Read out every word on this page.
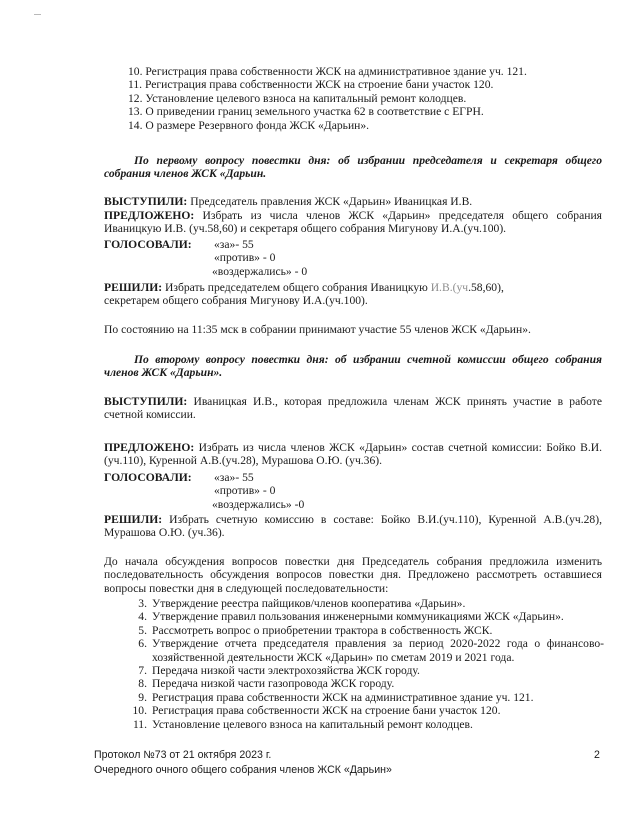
10. Регистрация права собственности ЖСК на административное здание уч. 121.
11. Регистрация права собственности ЖСК на строение бани участок 120.
12. Установление целевого взноса на капитальный ремонт колодцев.
13. О приведении границ земельного участка 62 в соответствие с ЕГРН.
14. О размере Резервного фонда ЖСК «Дарьин».

По первому вопросу повестки дня: об избрании председателя и секретаря общего собрания членов ЖСК «Дарьин.

ВЫСТУПИЛИ: Председатель правления ЖСК «Дарьин» Иваницкая И.В.
ПРЕДЛОЖЕНО: Избрать из числа членов ЖСК «Дарьин» председателя общего собрания
Иваницкую И.В. (уч.58,60) и секретаря общего собрания Мигунову И.А.(уч.100).
ГОЛОСОВАЛИ: «за»- 55
«против» - 0
«воздержались» - 0
РЕШИЛИ: Избрать председателем общего собрания Иваницкую И.В.(уч.58,60),
секретарем общего собрания Мигунову И.А.(уч.100).
По состоянию на 11:35 мск в собрании принимают участие 55 членов ЖСК «Дарьин».

По второму вопросу повестки дня: об избрании счетной комиссии общего собрания членов ЖСК «Дарьин».

ВЫСТУПИЛИ: Иваницкая И.В., которая предложила членам ЖСК принять участие в работе счетной комиссии.

ПРЕДЛОЖЕНО: Избрать из числа членов ЖСК «Дарьин» состав счетной комиссии: Бойко В.И.(уч.110), Куренной А.В.(уч.28), Мурашова О.Ю. (уч.36).

ГОЛОСОВАЛИ: «за»- 55
«против» - 0
«воздержались» -0

РЕШИЛИ: Избрать счетную комиссию в составе: Бойко В.И.(уч.110), Куренной А.В.(уч.28), Мурашова О.Ю. (уч.36).

До начала обсуждения вопросов повестки дня Председатель собрания предложила изменить последовательность обсуждения вопросов повестки дня. Предложено рассмотреть оставшиеся вопросы повестки дня в следующей последовательности:

3. Утверждение реестра пайщиков/членов кооператива «Дарьин».
4. Утверждение правил пользования инженерными коммуникациями ЖСК «Дарьин».
5. Рассмотреть вопрос о приобретении трактора в собственность ЖСК.
6. Утверждение отчета председателя правления за период 2020-2022 года о финансово-хозяйственной деятельности ЖСК «Дарьин» по сметам 2019 и 2021 года.
7. Передача низкой части электрохозяйства ЖСК городу.
8. Передача низкой части газопровода ЖСК городу.
9. Регистрация права собственности ЖСК на административное здание уч. 121.
10. Регистрация права собственности ЖСК на строение бани участок 120.
11. Установление целевого взноса на капитальный ремонт колодцев.
Протокол №73 от 21 октября 2023 г.
Очередного очного общего собрания членов ЖСК «Дарьин»
2
